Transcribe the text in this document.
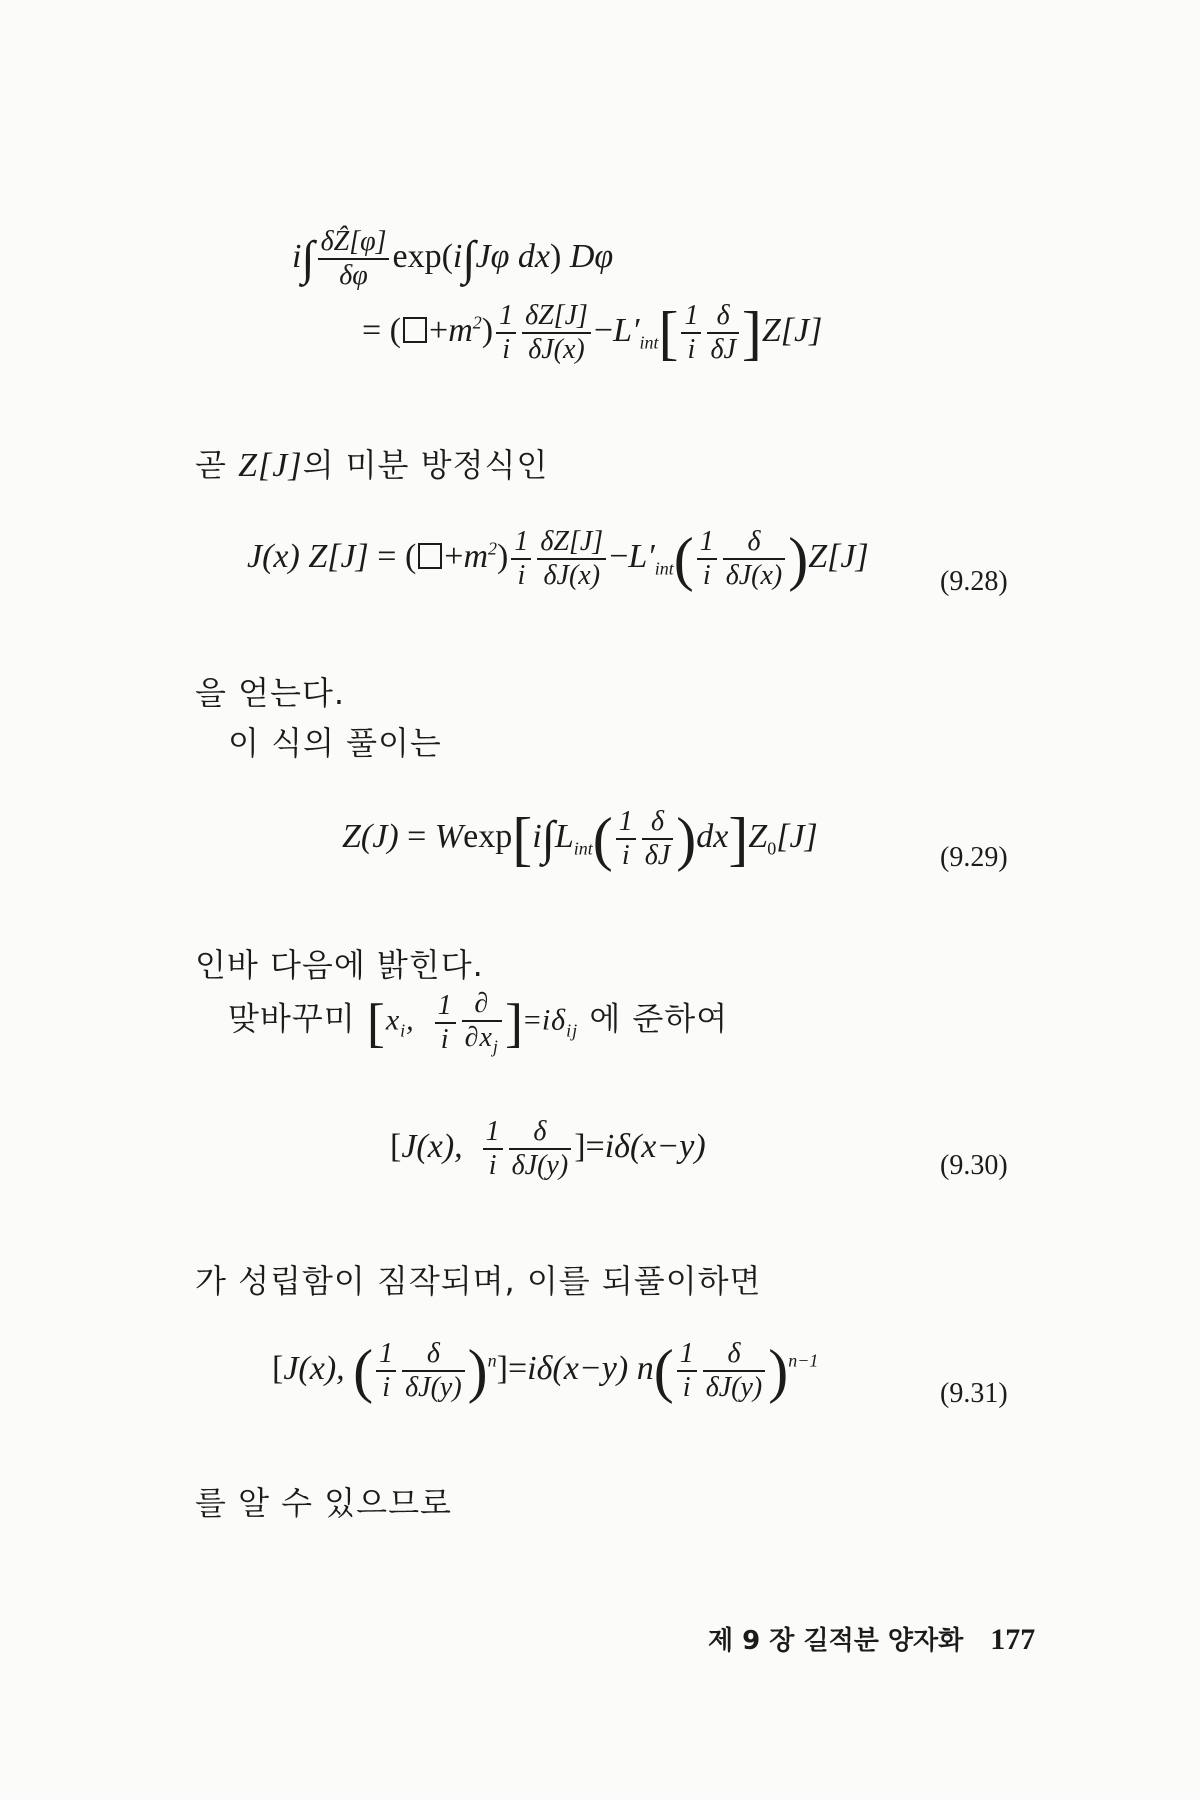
$i\int \frac{\text{δẐ[φ]}}{\delta\varphi} \exp(i\int J\varphi$ dx) Dφ
= ( $+m^2) \frac{1}{i} \frac{\delta Z[J]}{\delta J(x)} -L'_{int}[ \frac{1}{i} \frac{\delta}{\delta J} ]Z[J]$
곧 Z[J]의 미분 방정식인
J(x) Z[J] = ( $+m^2) \frac{1}{i} \frac{\delta Z[J]}{\delta J(x)} -L'_{int}( \frac{1}{i} \frac{\delta}{\delta J(x)} )Z[J]$
(9.28)
을 얻는다.
이 식의 풀이는
$Z(J) = Wexp[i\int L_{int}( \frac{1}{i} \frac{\delta}{\delta J} )dx]Z_0[J]$
(9.29)
인바 다음에 밝힌다.
맞바꾸미 [$x_i$, $\frac{1}{i} \frac{\partial}{\partial x_j} ]=i\delta_{ij}$ 에 준하여
[J(x), $\frac{1}{i} \frac{\delta}{\delta J(y)} ]=i\delta(x-y)$
(9.30)
가 성립함이 짐작되며, 이를 되풀이하면
[J(x), ( $\frac{1}{i} \frac{\delta}{\delta J(y)} )^n]=i\delta(x-y)$ $n( \frac{1}{i} \frac{\delta}{\delta J(y)} )^{n-1}$
(9.31)
를 알 수 있으므로
제 9 장 길적분 양자화 177
